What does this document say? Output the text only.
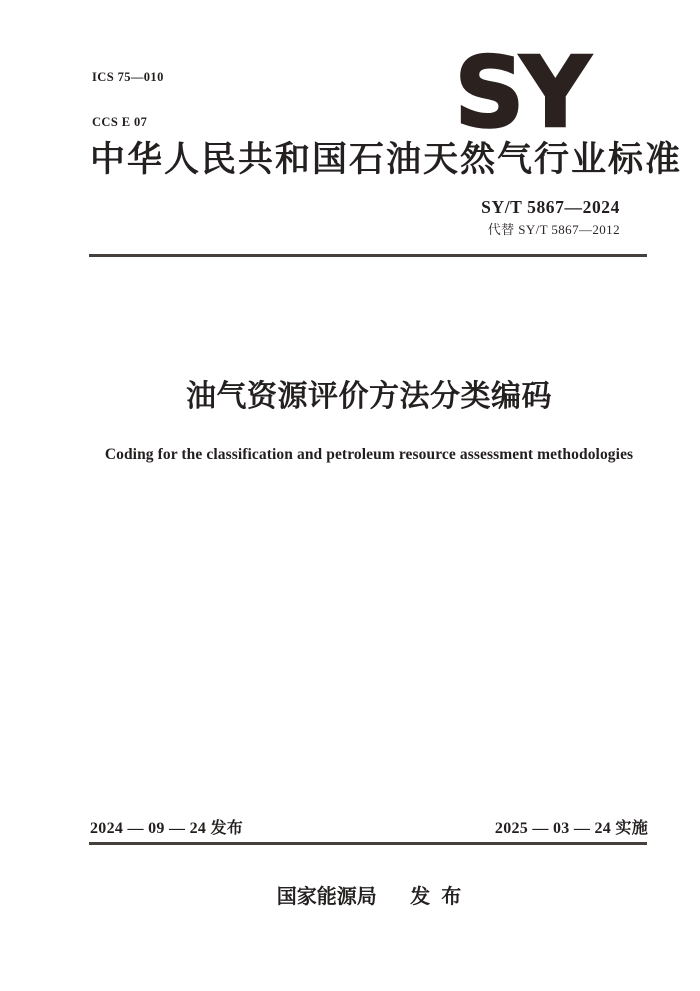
ICS 75—010

CCS E 07

	SY
中华人民共和国石油天然气行业标准
SY/T 5867—2024
代替 SY/T 5867—2012
油气资源评价方法分类编码
Coding for the classification and petroleum resource assessment methodologies
2024 — 09 — 24 发布	2025 — 03 — 24 实施
国家能源局      发  布
